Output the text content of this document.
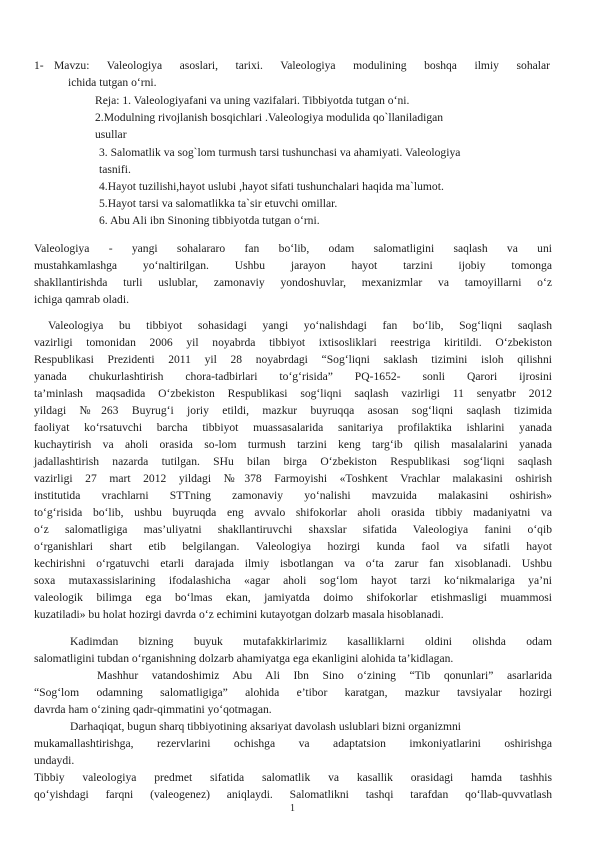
1- Mavzu: Valeologiya asoslari, tarixi. Valeologiya modulining boshqa ilmiy sohalar
ichida tutgan o‘rni.
Reja: 1. Valeologiyafani va uning vazifalari. Tibbiyotda tutgan o‘ni.
2.Modulning rivojlanish bosqichlari .Valeologiya modulida qo`llaniladigan
usullar
3. Salomatlik va sog`lom turmush tarsi tushunchasi va ahamiyati. Valeologiya
tasnifi.
4.Hayot tuzilishi,hayot uslubi ,hayot sifati tushunchalari haqida ma`lumot.
5.Hayot tarsi va salomatlikka ta`sir etuvchi omillar.
6. Abu Ali ibn Sinoning tibbiyotda tutgan o‘rni.
Valeologiya - yangi sohalararo fan bo‘lib, odam salomatligini saqlash va uni
mustahkamlashga yo‘naltirilgan. Ushbu jarayon hayot tarzini ijobiy tomonga
shakllantirishda turli uslublar, zamonaviy yondoshuvlar, mexanizmlar va tamoyillarni o‘z
ichiga qamrab oladi.
Valeologiya bu tibbiyot sohasidagi yangi yo‘nalishdagi fan bo‘lib, Sog‘liqni saqlash
vazirligi tomonidan 2006 yil noyabrda tibbiyot ixtisosliklari reestriga kiritildi. O‘zbekiston
Respublikasi Prezidenti 2011 yil 28 noyabrdagi “Sog‘liqni saklash tizimini isloh qilishni
yanada chukurlashtirish chora-tadbirlari to‘g‘risida” PQ-1652- sonli Qarori ijrosini
ta’minlash maqsadida O‘zbekiston Respublikasi sog‘liqni saqlash vazirligi 11 senyatbr 2012
yildagi №263 Buyrug‘i joriy etildi, mazkur buyruqqa asosan sog‘liqni saqlash tizimida
faoliyat ko‘rsatuvchi barcha tibbiyot muassasalarida sanitariya profilaktika ishlarini yanada
kuchaytirish va aholi orasida so-lom turmush tarzini keng targ‘ib qilish masalalarini yanada
jadallashtirish nazarda tutilgan. SHu bilan birga O‘zbekiston Respublikasi sog‘liqni saqlash
vazirligi 27 mart 2012 yildagi №378 Farmoyishi «Toshkent Vrachlar malakasini oshirish
institutida vrachlarni STTning zamonaviy yo‘nalishi mavzuida malakasini oshirish»
to‘g‘risida bo‘lib, ushbu buyruqda eng avvalo shifokorlar aholi orasida tibbiy madaniyatni va
o‘z salomatligiga mas’uliyatni shakllantiruvchi shaxslar sifatida Valeologiya fanini o‘qib
o‘rganishlari shart etib belgilangan. Valeologiya hozirgi kunda faol va sifatli hayot
kechirishni o‘rgatuvchi etarli darajada ilmiy isbotlangan va o‘ta zarur fan xisoblanadi. Ushbu
soxa mutaxassislarining ifodalashicha «agar aholi sog‘lom hayot tarzi ko‘nikmalariga ya’ni
valeologik bilimga ega bo‘lmas ekan, jamiyatda doimo shifokorlar etishmasligi muammosi
kuzatiladi» bu holat hozirgi davrda o‘z echimini kutayotgan dolzarb masala hisoblanadi.
Kadimdan bizning buyuk mutafakkirlarimiz kasalliklarni oldini olishda odam
salomatligini tubdan o‘rganishning dolzarb ahamiyatga ega ekanligini alohida ta’kidlagan.
Mashhur vatandoshimiz Abu Ali Ibn Sino o‘zining “Tib qonunlari” asarlarida
“Sog‘lom odamning salomatligiga” alohida e’tibor karatgan, mazkur tavsiyalar hozirgi
davrda ham o‘zining qadr-qimmatini yo‘qotmagan.
Darhaqiqat, bugun sharq tibbiyotining aksariyat davolash uslublari bizni organizmni
mukamallashtirishga, rezervlarini ochishga va adaptatsion imkoniyatlarini oshirishga
undaydi.
Tibbiy valeologiya predmet sifatida salomatlik va kasallik orasidagi hamda tashhis
qo‘yishdagi farqni (valeogenez) aniqlaydi. Salomatlikni tashqi tarafdan qo‘llab-quvvatlash
1
